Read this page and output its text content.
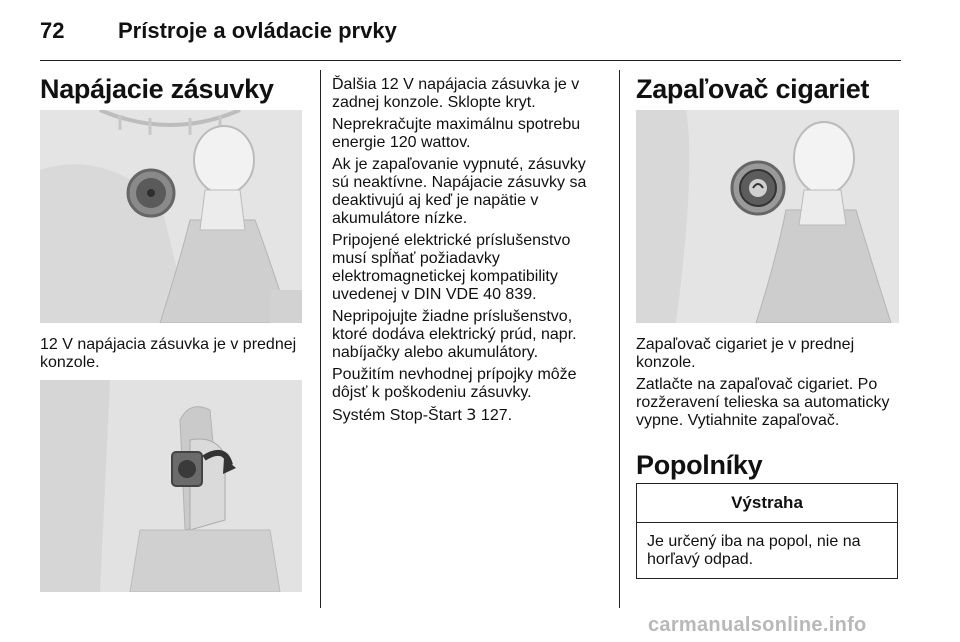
72 Prístroje a ovládacie prvky
Napájacie zásuvky
12 V napájacia zásuvka je v prednej konzole.

Ďalšia 12 V napájacia zásuvka je v zadnej konzole. Sklopte kryt.

Neprekračujte maximálnu spotrebu energie 120 wattov.

Ak je zapaľovanie vypnuté, zásuvky sú neaktívne. Napájacie zásuvky sa deaktivujú aj keď je napätie v akumulátore nízke.

Pripojené elektrické príslušenstvo musí spĺňať požiadavky elektromagnetickej kompatibility uvedenej v DIN VDE 40 839.

Nepripojujte žiadne príslušenstvo, ktoré dodáva elektrický prúd, napr. nabíjačky alebo akumulátory.

Použitím nevhodnej prípojky môže dôjsť k poškodeniu zásuvky.

Systém Stop-Štart 3 127.

Zapaľovač cigariet

Zapaľovač cigariet je v prednej konzole.

Zatlačte na zapaľovač cigariet. Po rozžeravení telieska sa automaticky vypne. Vytiahnite zapaľovač.

Popolníky
Výstraha
Je určený iba na popol, nie na horľavý odpad.
carmanualsonline.info
